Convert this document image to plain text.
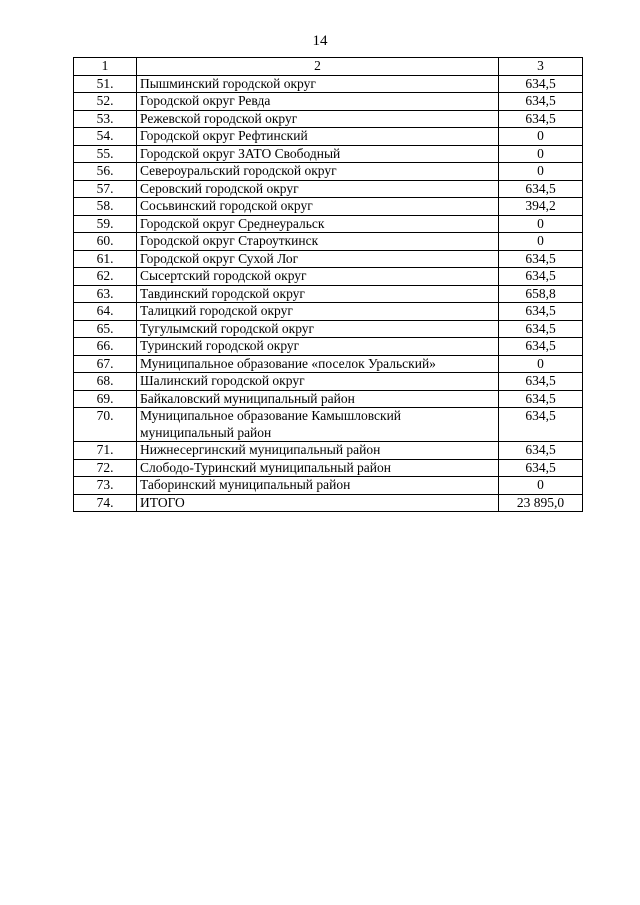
14
1	2	3
51.	Пышминский городской округ	634,5
52.	Городской округ Ревда	634,5
53.	Режевской городской округ	634,5
54.	Городской округ Рефтинский	0
55.	Городской округ ЗАТО Свободный	0
56.	Североуральский городской округ	0
57.	Серовский городской округ	634,5
58.	Сосьвинский городской округ	394,2
59.	Городской округ Среднеуральск	0
60.	Городской округ Староуткинск	0
61.	Городской округ Сухой Лог	634,5
62.	Сысертский городской округ	634,5
63.	Тавдинский городской округ	658,8
64.	Талицкий городской округ	634,5
65.	Тугулымский городской округ	634,5
66.	Туринский городской округ	634,5
67.	Муниципальное образование «поселок Уральский»	0
68.	Шалинский городской округ	634,5
69.	Байкаловский муниципальный район	634,5
70.	Муниципальное образование Камышловский муниципальный район	634,5
71.	Нижнесергинский муниципальный район	634,5
72.	Слободо-Туринский муниципальный район	634,5
73.	Таборинский муниципальный район	0
74.	ИТОГО	23 895,0
